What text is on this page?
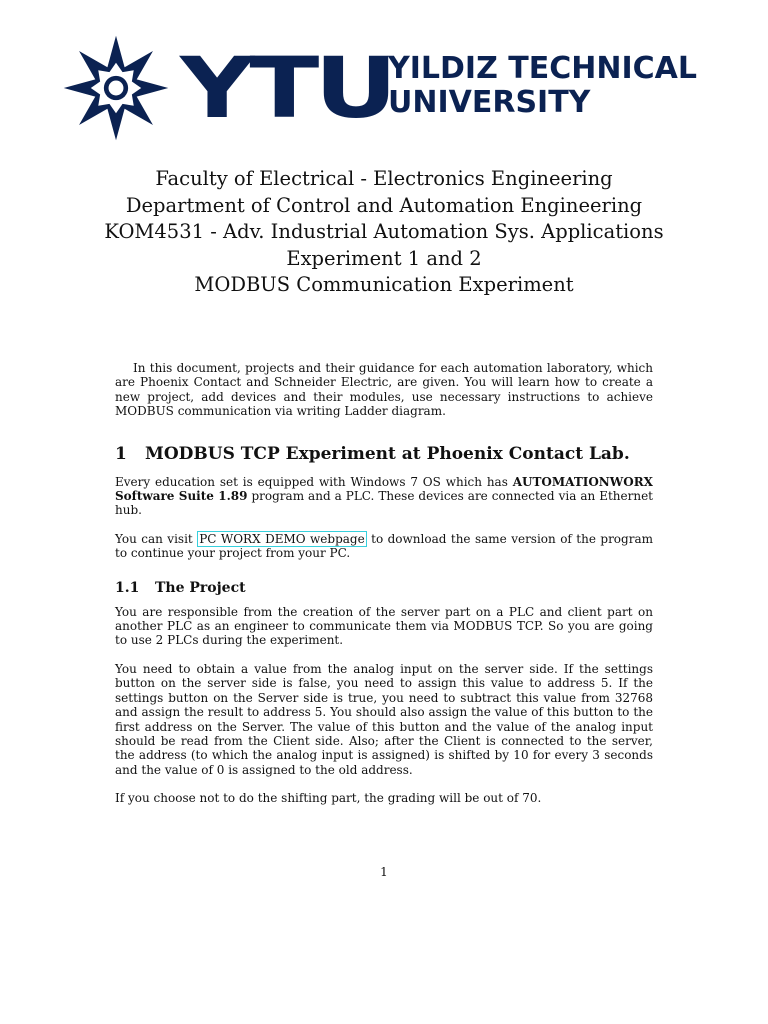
YTU
YILDIZ TECHNICAL
UNIVERSITY
Faculty of Electrical - Electronics Engineering
Department of Control and Automation Engineering
KOM4531 - Adv. Industrial Automation Sys. Applications
Experiment 1 and 2
MODBUS Communication Experiment

In this document, projects and their guidance for each automation laboratory, which are Phoenix Contact and Schneider Electric, are given. You will learn how to create a new project, add devices and their modules, use necessary instructions to achieve MODBUS communication via writing Ladder diagram.

1 MODBUS TCP Experiment at Phoenix Contact Lab.

Every education set is equipped with Windows 7 OS which has AUTOMATIONWORX Software Suite 1.89 program and a PLC. These devices are connected via an Ethernet hub.

You can visit PC WORX DEMO webpage to download the same version of the program to continue your project from your PC.

1.1 The Project

You are responsible from the creation of the server part on a PLC and client part on another PLC as an engineer to communicate them via MODBUS TCP. So you are going to use 2 PLCs during the experiment.

You need to obtain a value from the analog input on the server side. If the settings button on the server side is false, you need to assign this value to address 5. If the settings button on the Server side is true, you need to subtract this value from 32768 and assign the result to address 5. You should also assign the value of this button to the first address on the Server. The value of this button and the value of the analog input should be read from the Client side. Also; after the Client is connected to the server, the address (to which the analog input is assigned) is shifted by 10 for every 3 seconds and the value of 0 is assigned to the old address.

If you choose not to do the shifting part, the grading will be out of 70.

1
